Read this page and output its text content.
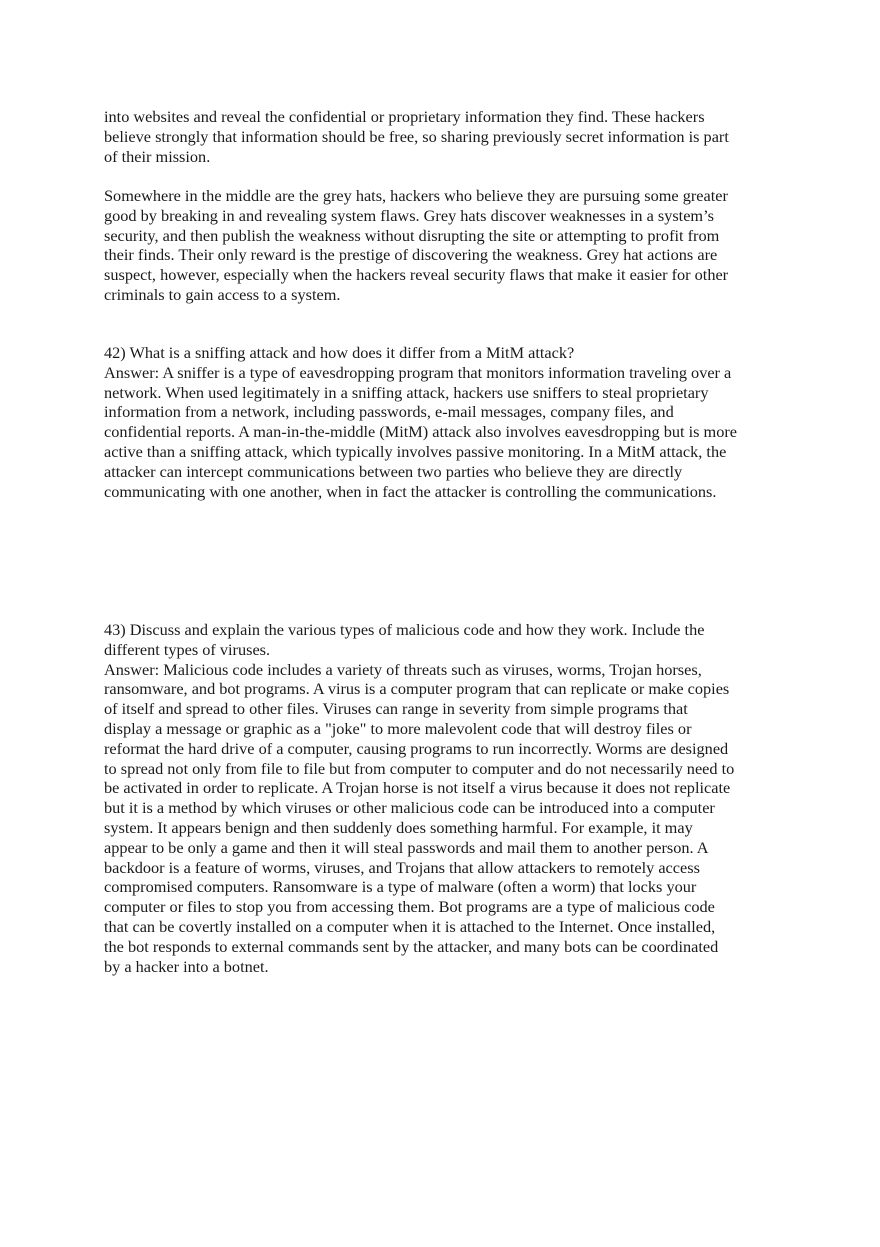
into websites and reveal the confidential or proprietary information they find. These hackers
believe strongly that information should be free, so sharing previously secret information is part
of their mission.
Somewhere in the middle are the grey hats, hackers who believe they are pursuing some greater
good by breaking in and revealing system flaws. Grey hats discover weaknesses in a system’s
security, and then publish the weakness without disrupting the site or attempting to profit from
their finds. Their only reward is the prestige of discovering the weakness. Grey hat actions are
suspect, however, especially when the hackers reveal security flaws that make it easier for other
criminals to gain access to a system.
42) What is a sniffing attack and how does it differ from a MitM attack?
Answer: A sniffer is a type of eavesdropping program that monitors information traveling over a
network. When used legitimately in a sniffing attack, hackers use sniffers to steal proprietary
information from a network, including passwords, e-mail messages, company files, and
confidential reports. A man-in-the-middle (MitM) attack also involves eavesdropping but is more
active than a sniffing attack, which typically involves passive monitoring. In a MitM attack, the
attacker can intercept communications between two parties who believe they are directly
communicating with one another, when in fact the attacker is controlling the communications.
43) Discuss and explain the various types of malicious code and how they work. Include the
different types of viruses.
Answer: Malicious code includes a variety of threats such as viruses, worms, Trojan horses,
ransomware, and bot programs. A virus is a computer program that can replicate or make copies
of itself and spread to other files. Viruses can range in severity from simple programs that
display a message or graphic as a "joke" to more malevolent code that will destroy files or
reformat the hard drive of a computer, causing programs to run incorrectly. Worms are designed
to spread not only from file to file but from computer to computer and do not necessarily need to
be activated in order to replicate. A Trojan horse is not itself a virus because it does not replicate
but it is a method by which viruses or other malicious code can be introduced into a computer
system. It appears benign and then suddenly does something harmful. For example, it may
appear to be only a game and then it will steal passwords and mail them to another person. A
backdoor is a feature of worms, viruses, and Trojans that allow attackers to remotely access
compromised computers. Ransomware is a type of malware (often a worm) that locks your
computer or files to stop you from accessing them. Bot programs are a type of malicious code
that can be covertly installed on a computer when it is attached to the Internet. Once installed,
the bot responds to external commands sent by the attacker, and many bots can be coordinated
by a hacker into a botnet.
